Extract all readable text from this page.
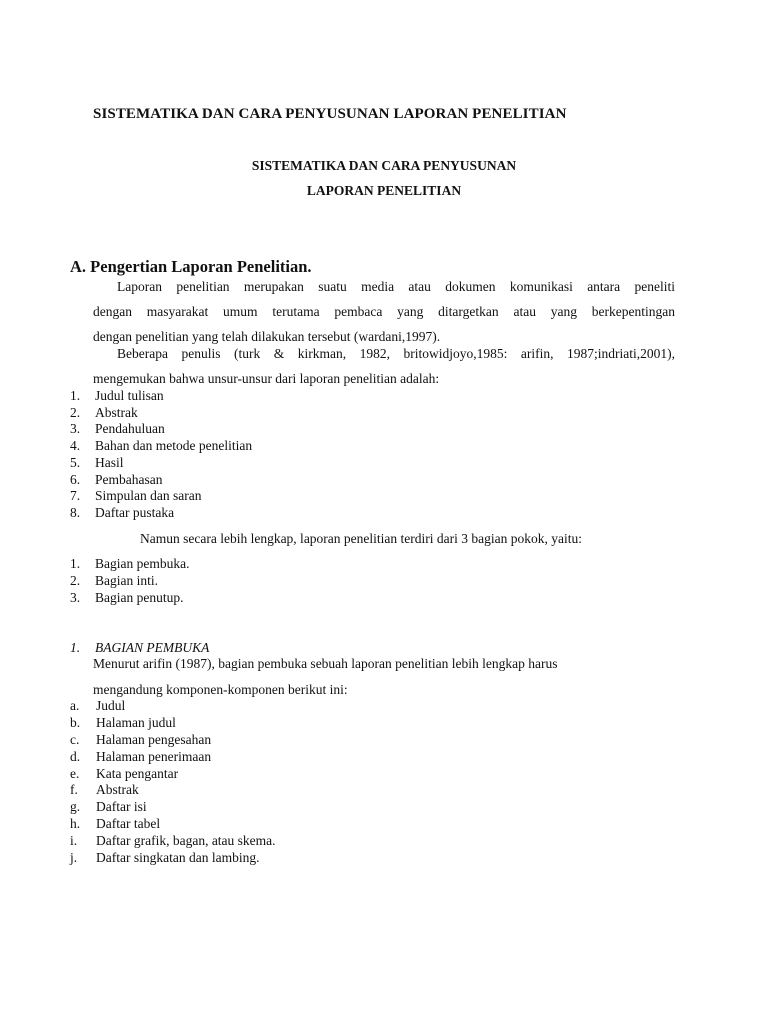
SISTEMATIKA DAN CARA PENYUSUNAN LAPORAN PENELITIAN
SISTEMATIKA DAN CARA PENYUSUNAN
LAPORAN PENELITIAN
A. Pengertian Laporan Penelitian.
Laporan penelitian merupakan suatu media atau dokumen komunikasi antara peneliti
dengan masyarakat umum terutama pembaca yang ditargetkan atau yang berkepentingan
dengan penelitian yang telah dilakukan tersebut (wardani,1997).
Beberapa penulis (turk & kirkman, 1982, britowidjoyo,1985: arifin, 1987;indriati,2001),
mengemukan bahwa unsur-unsur dari laporan penelitian adalah:
1. Judul tulisan
2. Abstrak
3. Pendahuluan
4. Bahan dan metode penelitian
5. Hasil
6. Pembahasan
7. Simpulan dan saran
8. Daftar pustaka
Namun secara lebih lengkap, laporan penelitian terdiri dari 3 bagian pokok, yaitu:
1. Bagian pembuka.
2. Bagian inti.
3. Bagian penutup.
1. BAGIAN PEMBUKA
Menurut arifin (1987), bagian pembuka sebuah laporan penelitian lebih lengkap harus
mengandung komponen-komponen berikut ini:
a. Judul
b. Halaman judul
c. Halaman pengesahan
d. Halaman penerimaan
e. Kata pengantar
f. Abstrak
g. Daftar isi
h. Daftar tabel
i. Daftar grafik, bagan, atau skema.
j. Daftar singkatan dan lambing.
